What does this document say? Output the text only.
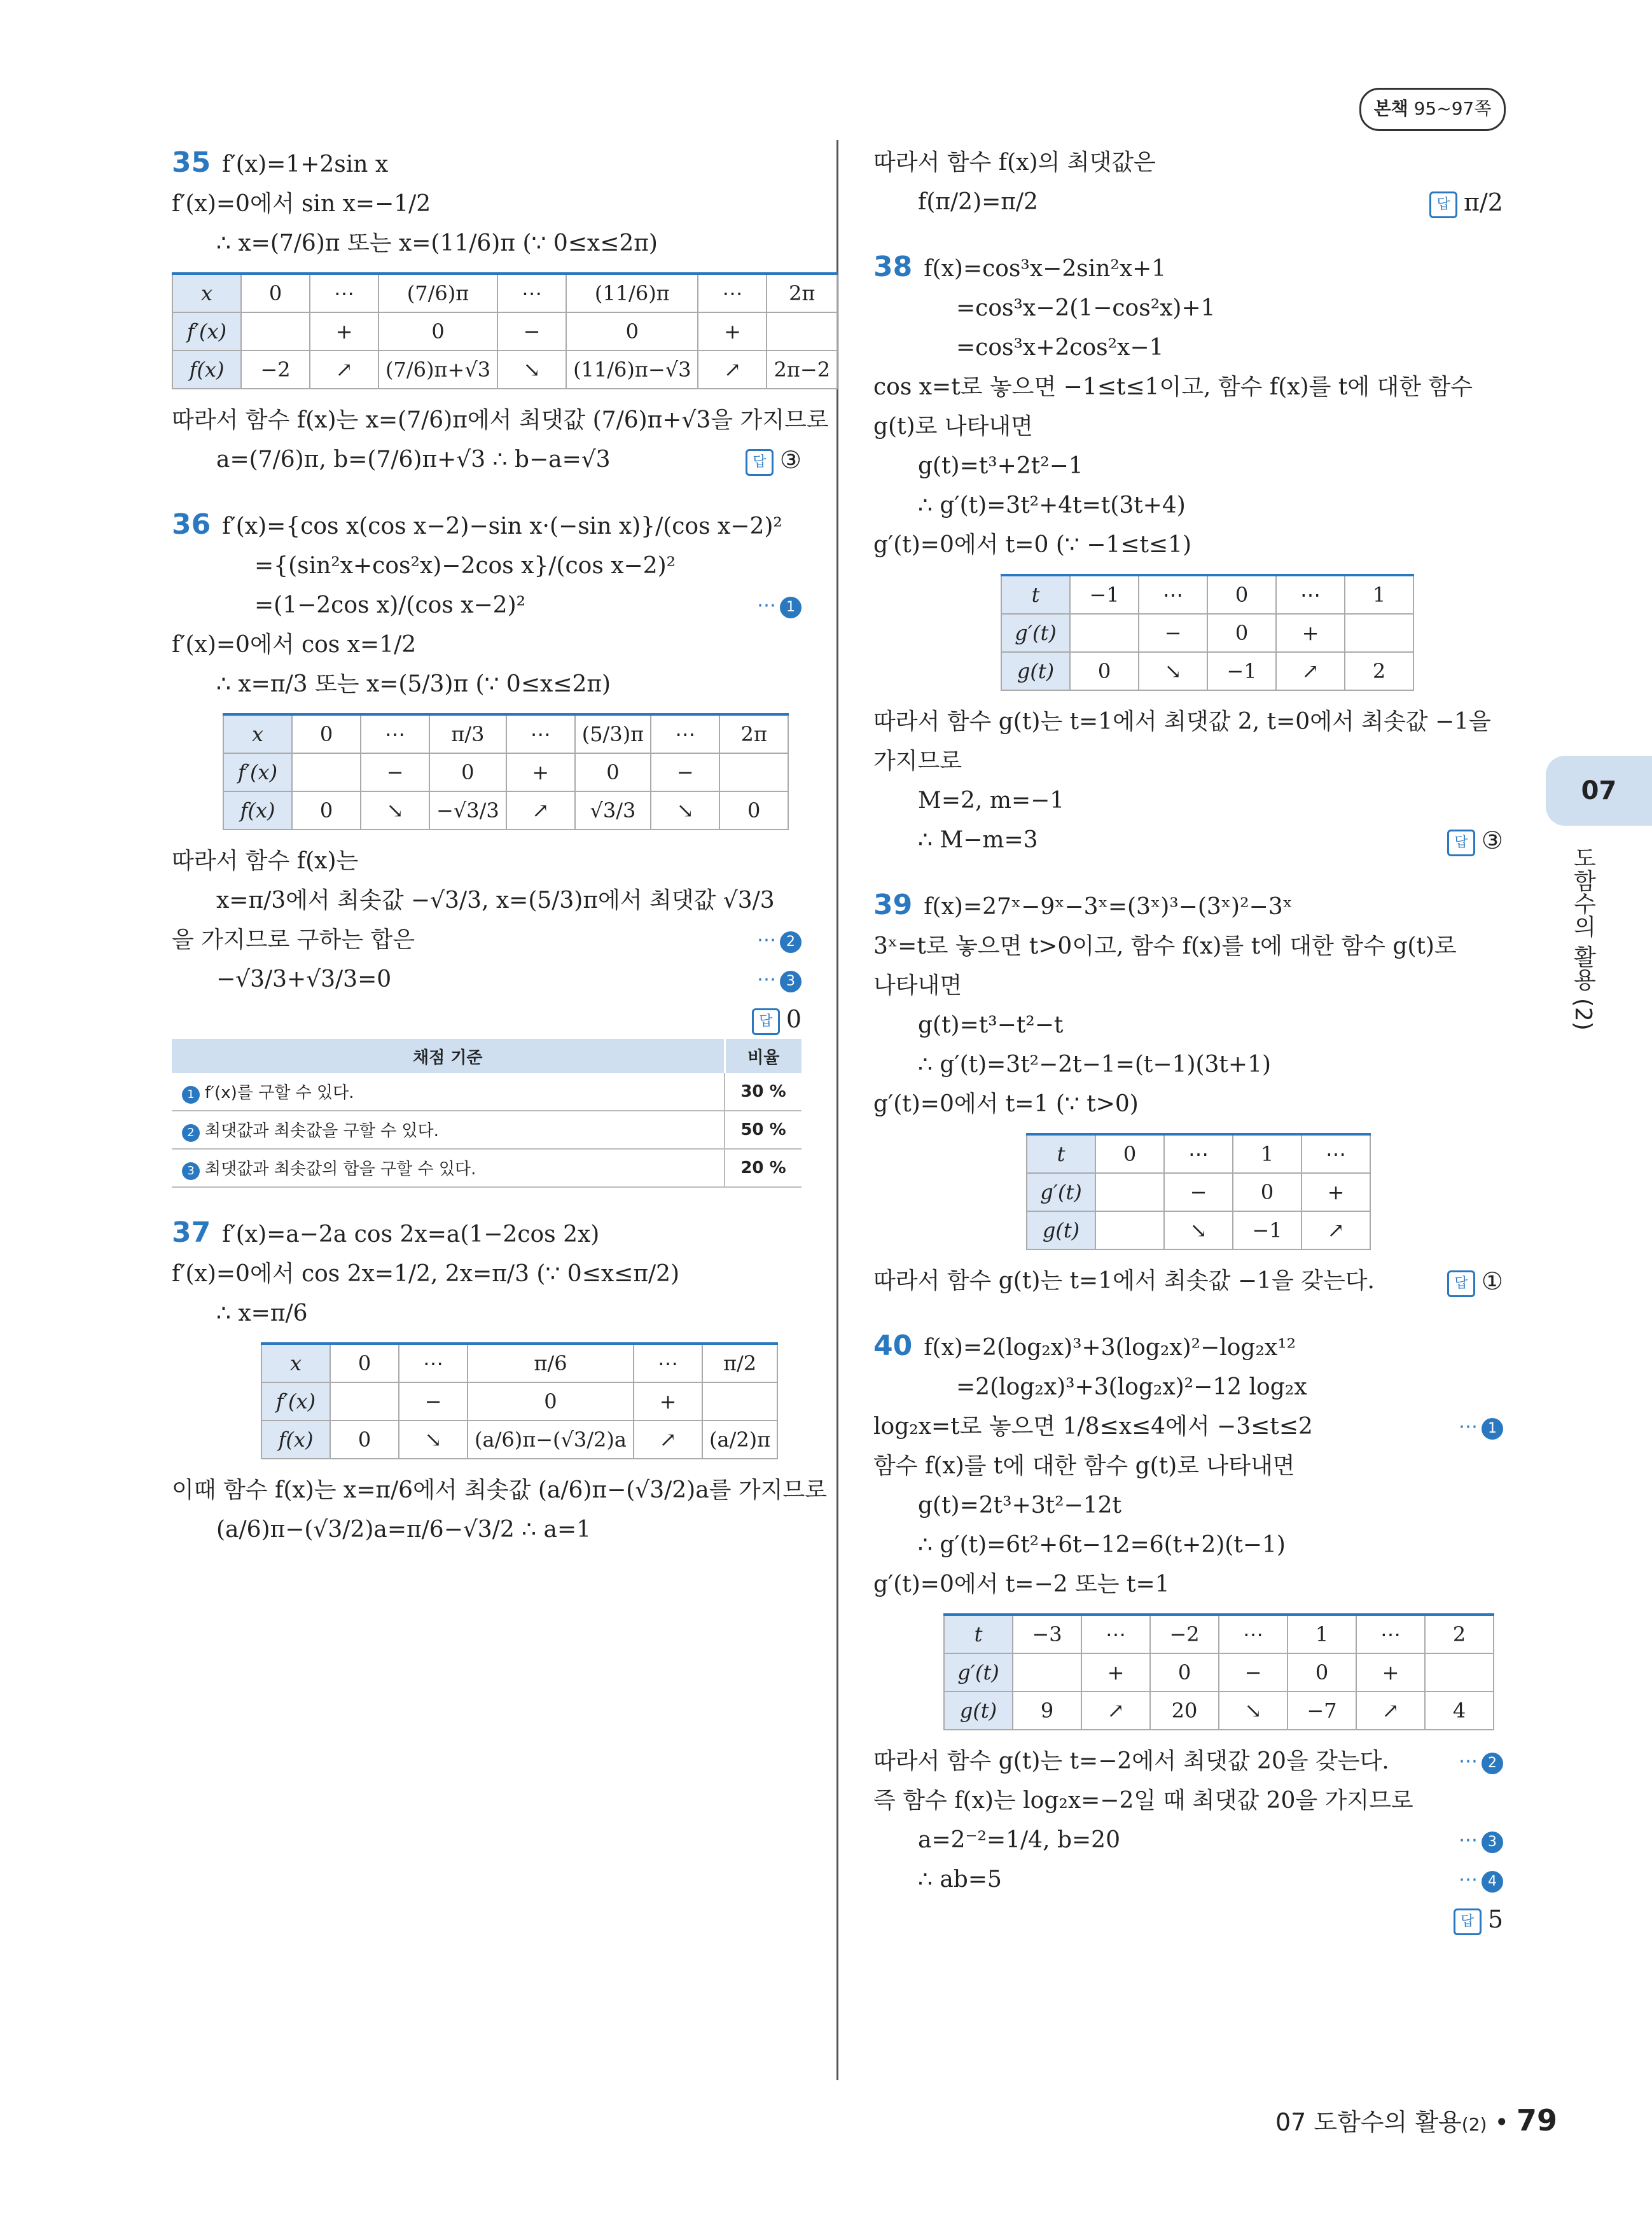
본책 95~97쪽
07
도함수의 활용 (2)
35 f′(x)=1+2sin x
f′(x)=0에서 sin x=−1/2
∴ x=(7/6)π 또는 x=(11/6)π (∵ 0≤x≤2π)
x	0	⋯	(7/6)π	⋯	(11/6)π	⋯	2π
f′(x)		+	0	−	0	+	
f(x)	−2	↗	(7/6)π+√3	↘	(11/6)π−√3	↗	2π−2
따라서 함수 f(x)는 x=(7/6)π에서 최댓값 (7/6)π+√3을 가지므로
a=(7/6)π, b=(7/6)π+√3 ∴ b−a=√3	답 ③
36 f′(x)={cos x(cos x−2)−sin x·(−sin x)}/(cos x−2)²
={(sin²x+cos²x)−2cos x}/(cos x−2)²
=(1−2cos x)/(cos x−2)²	⋯ 1
f′(x)=0에서 cos x=1/2
∴ x=π/3 또는 x=(5/3)π (∵ 0≤x≤2π)
x	0	⋯	π/3	⋯	(5/3)π	⋯	2π
f′(x)		−	0	+	0	−	
f(x)	0	↘	−√3/3	↗	√3/3	↘	0
따라서 함수 f(x)는
x=π/3에서 최솟값 −√3/3, x=(5/3)π에서 최댓값 √3/3
⋯ 2
을 가지므로 구하는 합은
−√3/3+√3/3=0	⋯ 3
답 0
채점 기준	비율
1 f′(x)를 구할 수 있다.	30 %
2 최댓값과 최솟값을 구할 수 있다.	50 %
3 최댓값과 최솟값의 합을 구할 수 있다.	20 %
37 f′(x)=a−2a cos 2x=a(1−2cos 2x)
f′(x)=0에서 cos 2x=1/2, 2x=π/3 (∵ 0≤x≤π/2)
∴ x=π/6
x	0	⋯	π/6	⋯	π/2
f′(x)		−	0	+	
f(x)	0	↘	(a/6)π−(√3/2)a	↗	(a/2)π
이때 함수 f(x)는 x=π/6에서 최솟값 (a/6)π−(√3/2)a를 가지므로
(a/6)π−(√3/2)a=π/6−√3/2 ∴ a=1
따라서 함수 f(x)의 최댓값은
f(π/2)=π/2	답 π/2
38 f(x)=cos³x−2sin²x+1
=cos³x−2(1−cos²x)+1
=cos³x+2cos²x−1
cos x=t로 놓으면 −1≤t≤1이고, 함수 f(x)를 t에 대한 함수
g(t)로 나타내면
g(t)=t³+2t²−1
∴ g′(t)=3t²+4t=t(3t+4)
g′(t)=0에서 t=0 (∵ −1≤t≤1)
t	−1	⋯	0	⋯	1
g′(t)		−	0	+	
g(t)	0	↘	−1	↗	2
따라서 함수 g(t)는 t=1에서 최댓값 2, t=0에서 최솟값 −1을
가지므로
M=2, m=−1
∴ M−m=3	답 ③
39 f(x)=27ˣ−9ˣ−3ˣ=(3ˣ)³−(3ˣ)²−3ˣ
3ˣ=t로 놓으면 t>0이고, 함수 f(x)를 t에 대한 함수 g(t)로
나타내면
g(t)=t³−t²−t
∴ g′(t)=3t²−2t−1=(t−1)(3t+1)
g′(t)=0에서 t=1 (∵ t>0)
t	0	⋯	1	⋯
g′(t)		−	0	+
g(t)		↘	−1	↗
따라서 함수 g(t)는 t=1에서 최솟값 −1을 갖는다.	답 ①
40 f(x)=2(log₂x)³+3(log₂x)²−log₂x¹²
=2(log₂x)³+3(log₂x)²−12 log₂x
log₂x=t로 놓으면 1/8≤x≤4에서 −3≤t≤2	⋯ 1
함수 f(x)를 t에 대한 함수 g(t)로 나타내면
g(t)=2t³+3t²−12t
∴ g′(t)=6t²+6t−12=6(t+2)(t−1)
g′(t)=0에서 t=−2 또는 t=1
t	−3	⋯	−2	⋯	1	⋯	2
g′(t)		+	0	−	0	+	
g(t)	9	↗	20	↘	−7	↗	4
따라서 함수 g(t)는 t=−2에서 최댓값 20을 갖는다.	⋯ 2
즉 함수 f(x)는 log₂x=−2일 때 최댓값 20을 가지므로
a=2⁻²=1/4, b=20	⋯ 3
∴ ab=5	⋯ 4
답 5
07 도함수의 활용(2) • 79
